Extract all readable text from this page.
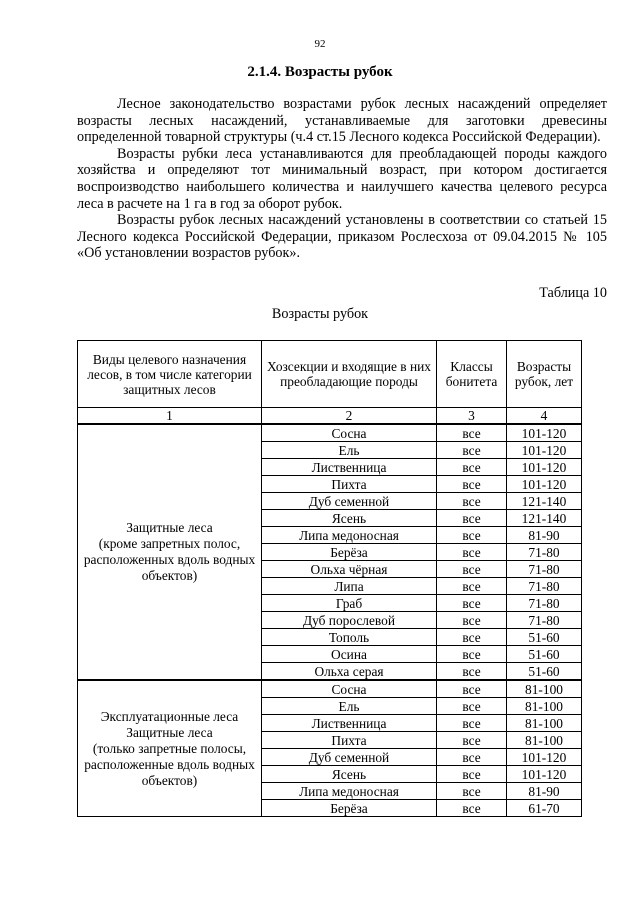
92
2.1.4. Возрасты рубок

Лесное законодательство возрастами рубок лесных насаждений определяет возрасты лесных насаждений, устанавливаемые для заготовки древесины определенной товарной структуры (ч.4 ст.15 Лесного кодекса Российской Федерации).

Возрасты рубки леса устанавливаются для преобладающей породы каждого хозяйства и определяют тот минимальный возраст, при котором достигается воспроизводство наибольшего количества и наилучшего качества целевого ресурса леса в расчете на 1 га в год за оборот рубок.

Возрасты рубок лесных насаждений установлены в соответствии со статьей 15 Лесного кодекса Российской Федерации, приказом Рослесхоза от 09.04.2015 № 105 «Об установлении возрастов рубок».

Таблица 10
Возрасты рубок
Виды целевого назначения лесов, в том числе категории защитных лесов	Хозсекции и входящие в них преобладающие породы	Классы бонитета	Возрасты рубок, лет
1	2	3	4

Защитные леса
(кроме запретных полос, расположенных вдоль водных объектов)	Сосна	все	101-120
	Ель	все	101-120
	Лиственница	все	101-120
	Пихта	все	101-120
	Дуб семенной	все	121-140
	Ясень	все	121-140
	Липа медоносная	все	81-90
	Берёза	все	71-80
	Ольха чёрная	все	71-80
	Липа	все	71-80
	Граб	все	71-80
	Дуб порослевой	все	71-80
	Тополь	все	51-60
	Осина	все	51-60
	Ольха серая	все	51-60

Эксплуатационные леса
Защитные леса
(только запретные полосы, расположенные вдоль водных объектов)	Сосна	все	81-100
	Ель	все	81-100
	Лиственница	все	81-100
	Пихта	все	81-100
	Дуб семенной	все	101-120
	Ясень	все	101-120
	Липа медоносная	все	81-90
	Берёза	все	61-70
